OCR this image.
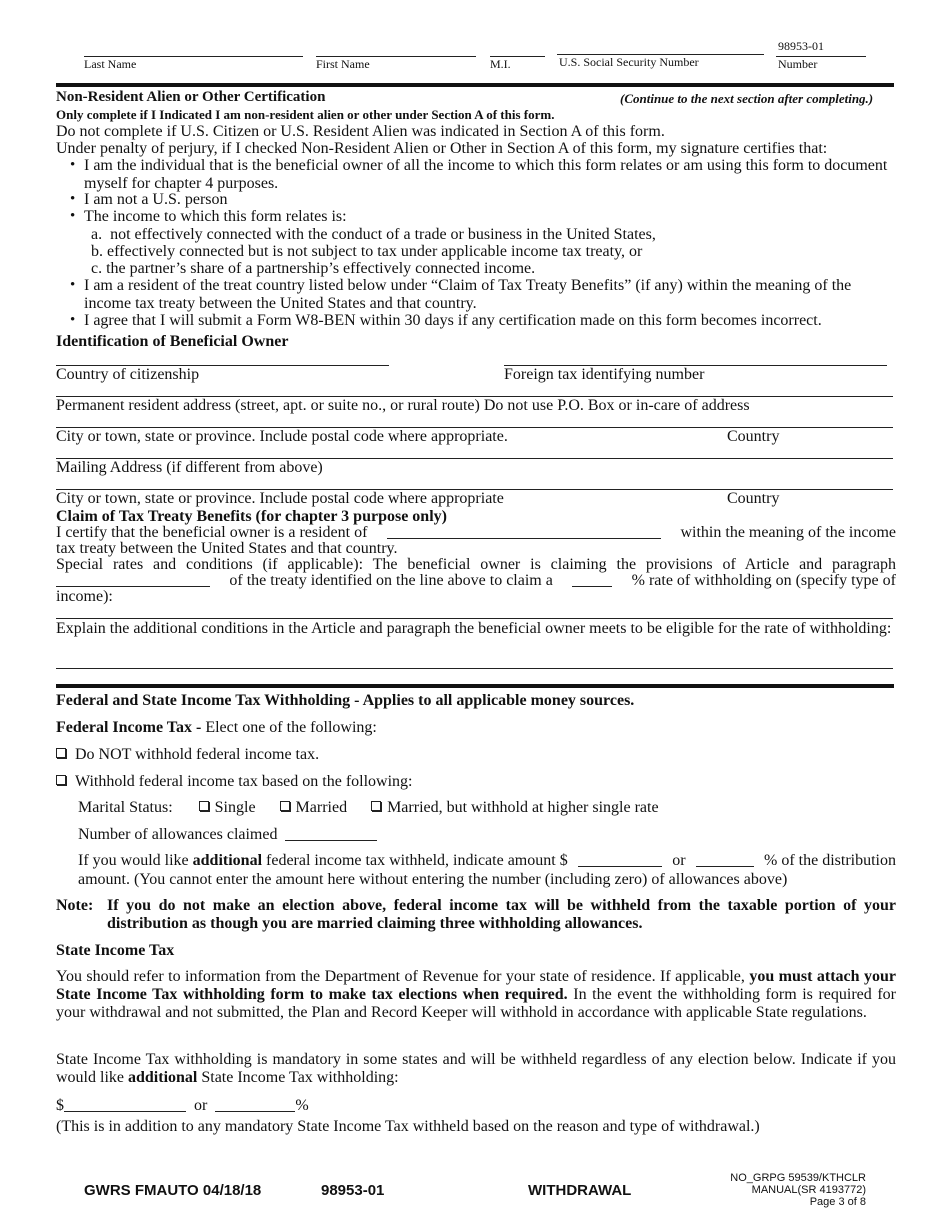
Last Name	First Name	M.I.	U.S. Social Security Number
98953-01
Number
Non-Resident Alien or Other Certification	(Continue to the next section after completing.)
Only complete if I Indicated I am non-resident alien or other under Section A of this form.
Do not complete if U.S. Citizen or U.S. Resident Alien was indicated in Section A of this form.
Under penalty of perjury, if I checked Non-Resident Alien or Other in Section A of this form, my signature certifies that:
• I am the individual that is the beneficial owner of all the income to which this form relates or am using this form to document myself for chapter 4 purposes.
• I am not a U.S. person
• The income to which this form relates is:
a.  not effectively connected with the conduct of a trade or business in the United States,
b. effectively connected but is not subject to tax under applicable income tax treaty, or
c. the partner’s share of a partnership’s effectively connected income.
• I am a resident of the treat country listed below under “Claim of Tax Treaty Benefits” (if any) within the meaning of the income tax treaty between the United States and that country.
• I agree that I will submit a Form W8-BEN within 30 days if any certification made on this form becomes incorrect.
Identification of Beneficial Owner
Country of citizenship	Foreign tax identifying number
Permanent resident address (street, apt. or suite no., or rural route) Do not use P.O. Box or in-care of address
City or town, state or province. Include postal code where appropriate.	Country
Mailing Address (if different from above)
City or town, state or province. Include postal code where appropriate	Country
Claim of Tax Treaty Benefits (for chapter 3 purpose only)
I certify that the beneficial owner is a resident of	within the meaning of the income
tax treaty between the United States and that country.
Special rates and conditions (if applicable): The beneficial owner is claiming the provisions of Article and paragraph
of the treaty identified on the line above to claim a	% rate of withholding on (specify type of
income):
Explain the additional conditions in the Article and paragraph the beneficial owner meets to be eligible for the rate of withholding:
Federal and State Income Tax Withholding - Applies to all applicable money sources.
Federal Income Tax - Elect one of the following:
Do NOT withhold federal income tax.
Withhold federal income tax based on the following:
Marital Status:	Single	Married	Married, but withhold at higher single rate
Number of allowances claimed
If you would like additional federal income tax withheld, indicate amount $	or	% of the distribution
amount. (You cannot enter the amount here without entering the number (including zero) of allowances above)
Note: If you do not make an election above, federal income tax will be withheld from the taxable portion of your distribution as though you are married claiming three withholding allowances.
State Income Tax
You should refer to information from the Department of Revenue for your state of residence. If applicable, you must attach your State Income Tax withholding form to make tax elections when required. In the event the withholding form is required for your withdrawal and not submitted, the Plan and Record Keeper will withhold in accordance with applicable State regulations.
State Income Tax withholding is mandatory in some states and will be withheld regardless of any election below. Indicate if you would like additional State Income Tax withholding:
$	or	%
(This is in addition to any mandatory State Income Tax withheld based on the reason and type of withdrawal.)
GWRS FMAUTO 04/18/18	98953-01	WITHDRAWAL
NO_GRPG 59539/KTHCLR
MANUAL(SR 4193772)
Page 3 of 8
